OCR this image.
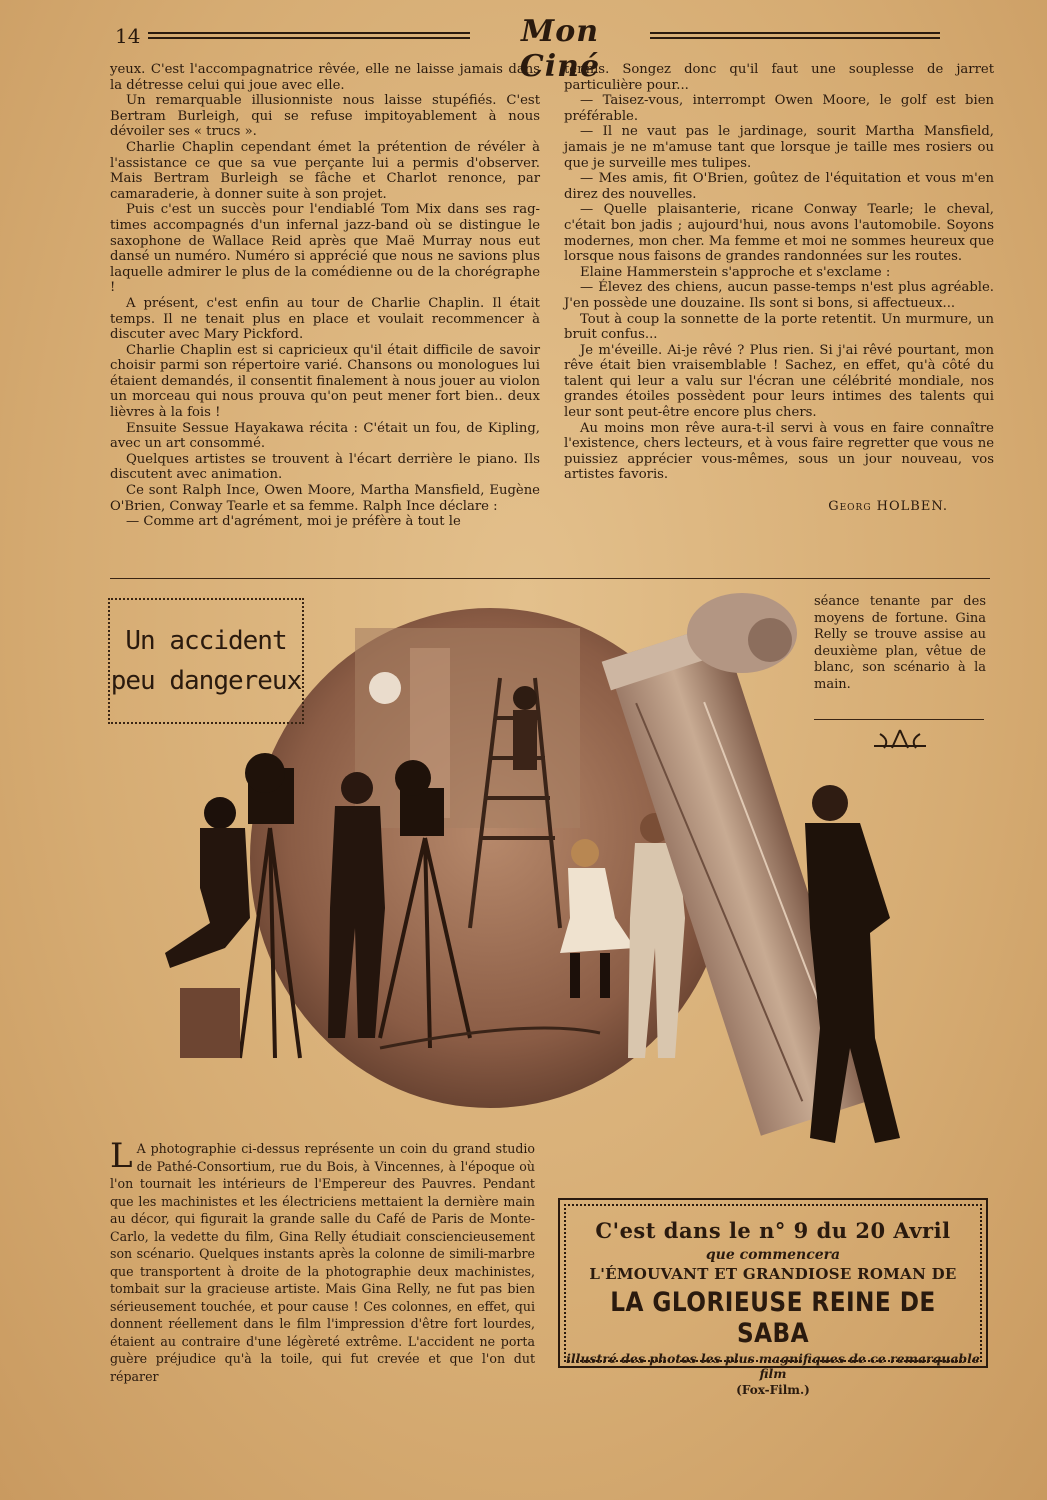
14	Mon Ciné

yeux. C'est l'accompagnatrice rêvée, elle ne laisse jamais dans la détresse celui qui joue avec elle.

Un remarquable illusionniste nous laisse stupéfiés. C'est Bertram Burleigh, qui se refuse impitoyablement à nous dévoiler ses « trucs ».

Charlie Chaplin cependant émet la prétention de révéler à l'assistance ce que sa vue perçante lui a permis d'observer. Mais Bertram Burleigh se fâche et Charlot renonce, par camaraderie, à donner suite à son projet.

Puis c'est un succès pour l'endiablé Tom Mix dans ses rag-times accompagnés d'un infernal jazz-band où se distingue le saxophone de Wallace Reid après que Maë Murray nous eut dansé un numéro. Numéro si apprécié que nous ne savions plus laquelle admirer le plus de la comédienne ou de la chorégraphe !

A présent, c'est enfin au tour de Charlie Chaplin. Il était temps. Il ne tenait plus en place et voulait recommencer à discuter avec Mary Pickford.

Charlie Chaplin est si capricieux qu'il était difficile de savoir choisir parmi son répertoire varié. Chansons ou monologues lui étaient demandés, il consentit finalement à nous jouer au violon un morceau qui nous prouva qu'on peut mener fort bien.. deux lièvres à la fois !

Ensuite Sessue Hayakawa récita : C'était un fou, de Kipling, avec un art consommé.

Quelques artistes se trouvent à l'écart derrière le piano. Ils discutent avec animation.

Ce sont Ralph Ince, Owen Moore, Martha Mansfield, Eugène O'Brien, Conway Tearle et sa femme. Ralph Ince déclare :

— Comme art d'agrément, moi je préfère à tout le

tennis. Songez donc qu'il faut une souplesse de jarret particulière pour...

— Taisez-vous, interrompt Owen Moore, le golf est bien préférable.

— Il ne vaut pas le jardinage, sourit Martha Mansfield, jamais je ne m'amuse tant que lorsque je taille mes rosiers ou que je surveille mes tulipes.

— Mes amis, fit O'Brien, goûtez de l'équitation et vous m'en direz des nouvelles.

— Quelle plaisanterie, ricane Conway Tearle; le cheval, c'était bon jadis ; aujourd'hui, nous avons l'automobile. Soyons modernes, mon cher. Ma femme et moi ne sommes heureux que lorsque nous faisons de grandes randonnées sur les routes.

Elaine Hammerstein s'approche et s'exclame :

— Élevez des chiens, aucun passe-temps n'est plus agréable. J'en possède une douzaine. Ils sont si bons, si affectueux...

Tout à coup la sonnette de la porte retentit. Un murmure, un bruit confus...

Je m'éveille. Ai-je rêvé ? Plus rien. Si j'ai rêvé pourtant, mon rêve était bien vraisemblable ! Sachez, en effet, qu'à côté du talent qui leur a valu sur l'écran une célébrité mondiale, nos grandes étoiles possèdent pour leurs intimes des talents qui leur sont peut-être encore plus chers.

Au moins mon rêve aura-t-il servi à vous en faire connaître l'existence, chers lecteurs, et à vous faire regretter que vous ne puissiez apprécier vous-mêmes, sous un jour nouveau, vos artistes favoris.

Georg HOLBEN.

Un accident
peu dangereux
séance tenante par des moyens de fortune. Gina Relly se trouve assise au deuxième plan, vêtue de blanc, son scénario à la main.
L A photographie ci-dessus représente un coin du grand studio de Pathé-Consortium, rue du Bois, à Vincennes, à l'époque où l'on tournait les intérieurs de l'Empereur des Pauvres. Pendant que les machinistes et les électriciens mettaient la dernière main au décor, qui figurait la grande salle du Café de Paris de Monte-Carlo, la vedette du film, Gina Relly étudiait consciencieusement son scénario. Quelques instants après la colonne de simili-marbre que transportent à droite de la photographie deux machinistes, tombait sur la gracieuse artiste. Mais Gina Relly, ne fut pas bien sérieusement touchée, et pour cause ! Ces colonnes, en effet, qui donnent réellement dans le film l'impression d'être fort lourdes, étaient au contraire d'une légèreté extrême. L'accident ne porta guère préjudice qu'à la toile, qui fut crevée et que l'on dut réparer
C'est dans le n° 9 du 20 Avril
que commencera
L'ÉMOUVANT ET GRANDIOSE ROMAN DE
LA GLORIEUSE REINE DE SABA
illustré des photos les plus magnifiques de ce remarquable film
(Fox-Film.)
